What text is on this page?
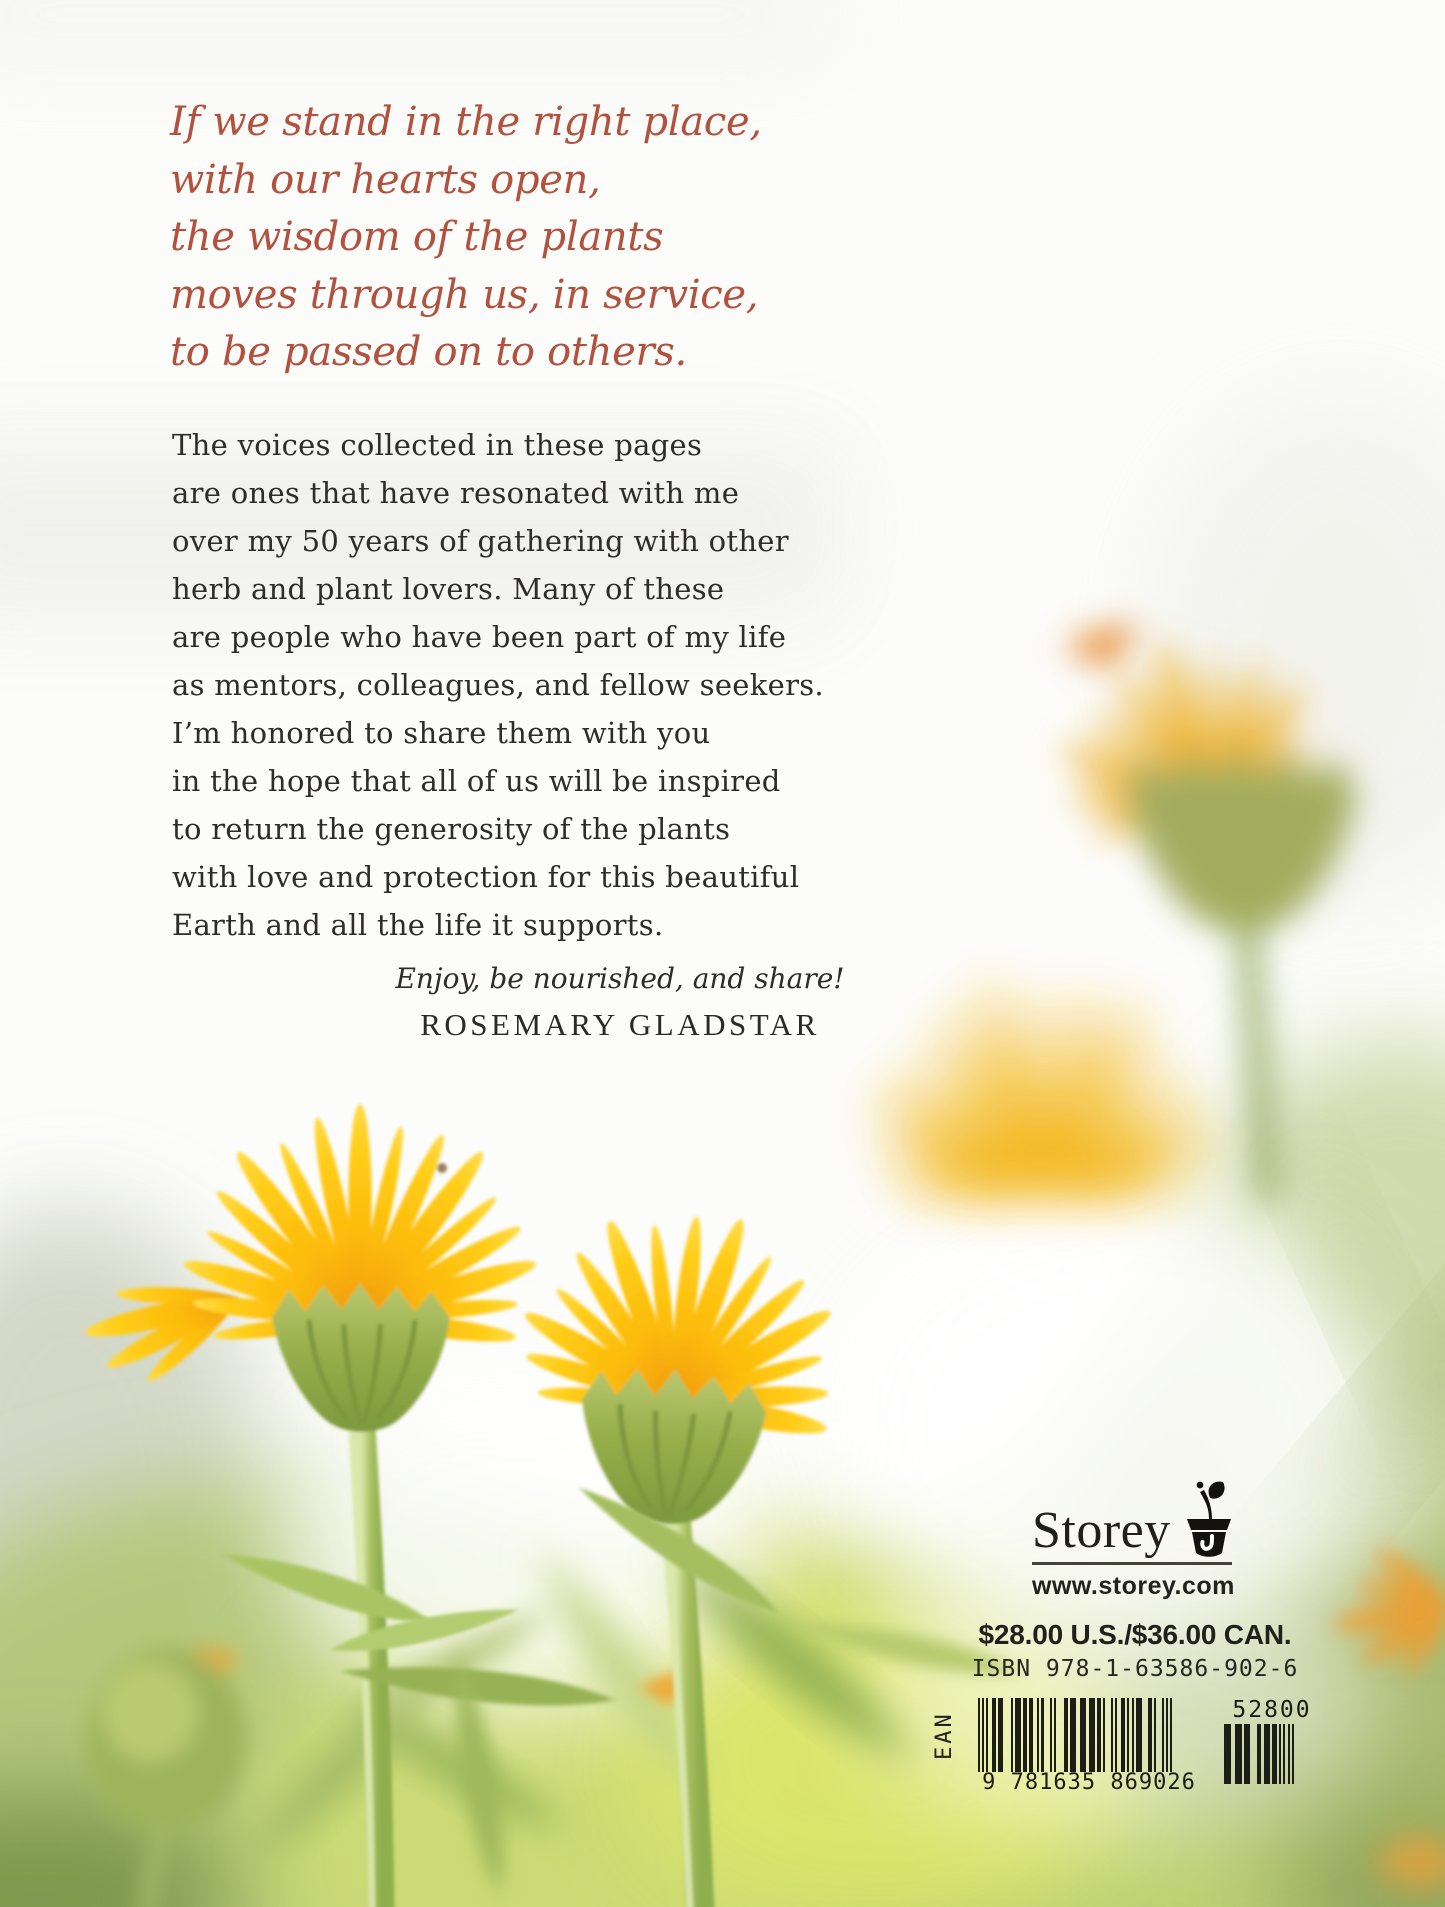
If we stand in the right place,
with our hearts open,
the wisdom of the plants
moves through us, in service,
to be passed on to others.
The voices collected in these pages
are ones that have resonated with me
over my 50 years of gathering with other
herb and plant lovers. Many of these
are people who have been part of my life
as mentors, colleagues, and fellow seekers.
I’m honored to share them with you
in the hope that all of us will be inspired
to return the generosity of the plants
with love and protection for this beautiful
Earth and all the life it supports.
Enjoy, be nourished, and share!
ROSEMARY GLADSTAR
Storey
www.storey.com
$28.00 U.S./$36.00 CAN.
ISBN 978-1-63586-902-6
EAN
9 781635 869026
52800
